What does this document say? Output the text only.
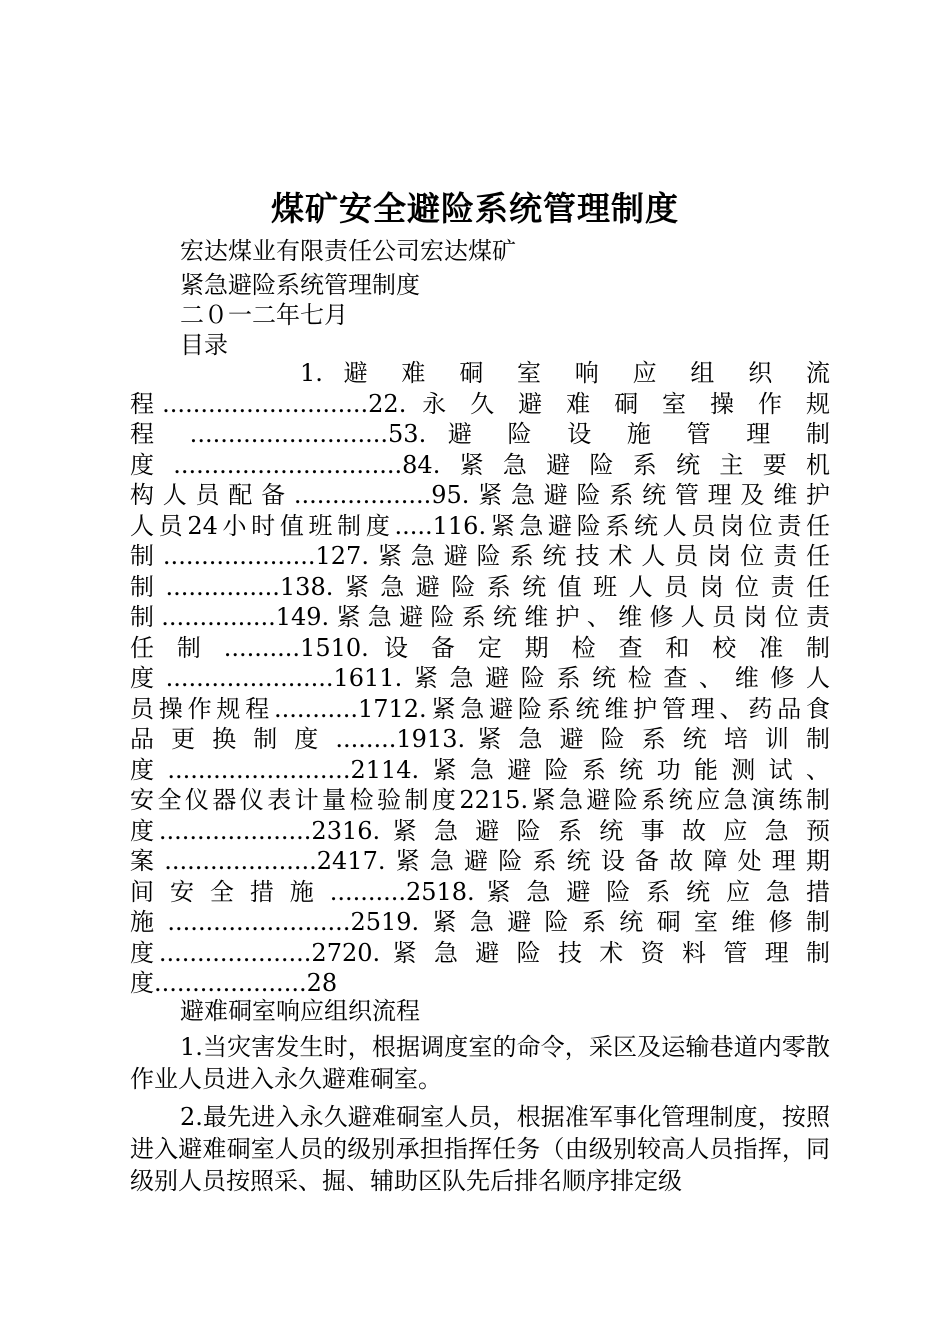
煤矿安全避险系统管理制度
宏达煤业有限责任公司宏达煤矿
紧急避险系统管理制度
二０一二年七月
目录
1. 避 难 硐 室 响 应 组 织 流
程...........................22. 永 久 避 难 硐 室 操 作 规
程 ..........................53. 避 险 设 施 管 理 制
度..............................84.紧急避险系统主要机
构人员配备..................95.紧急避险系统管理及维护
人员24小时值班制度.....116.紧急避险系统人员岗位责任
制....................127.紧急避险系统技术人员岗位责任
制...............138.紧急避险系统值班人员岗位责任
制...............149.紧急避险系统维护、维修人员岗位责
任 制 ..........1510. 设 备 定 期 检 查 和 校 准 制
度......................1611.紧急避险系统检查、维修人
员操作规程...........1712.紧急避险系统维护管理、药品食
品 更 换 制 度 ........1913. 紧 急 避 险 系 统 培 训 制
度........................2114.紧急避险系统功能测试、
安全仪器仪表计量检验制度2215.紧急避险系统应急演练制
度....................2316. 紧 急 避 险 系 统 事 故 应 急 预
案....................2417.紧急避险系统设备故障处理期
间 安 全 措 施 ..........2518. 紧 急 避 险 系 统 应 急 措
施........................2519.紧急避险系统硐室维修制
度....................2720. 紧 急 避 险 技 术 资 料 管 理 制
度....................28
避难硐室响应组织流程
1.当灾害发生时，根据调度室的命令，采区及运输巷道内零散作业人员进入永久避难硐室。
2.最先进入永久避难硐室人员，根据准军事化管理制度，按照进入避难硐室人员的级别承担指挥任务（由级别较高人员指挥，同级别人员按照采、掘、辅助区队先后排名顺序排定级
